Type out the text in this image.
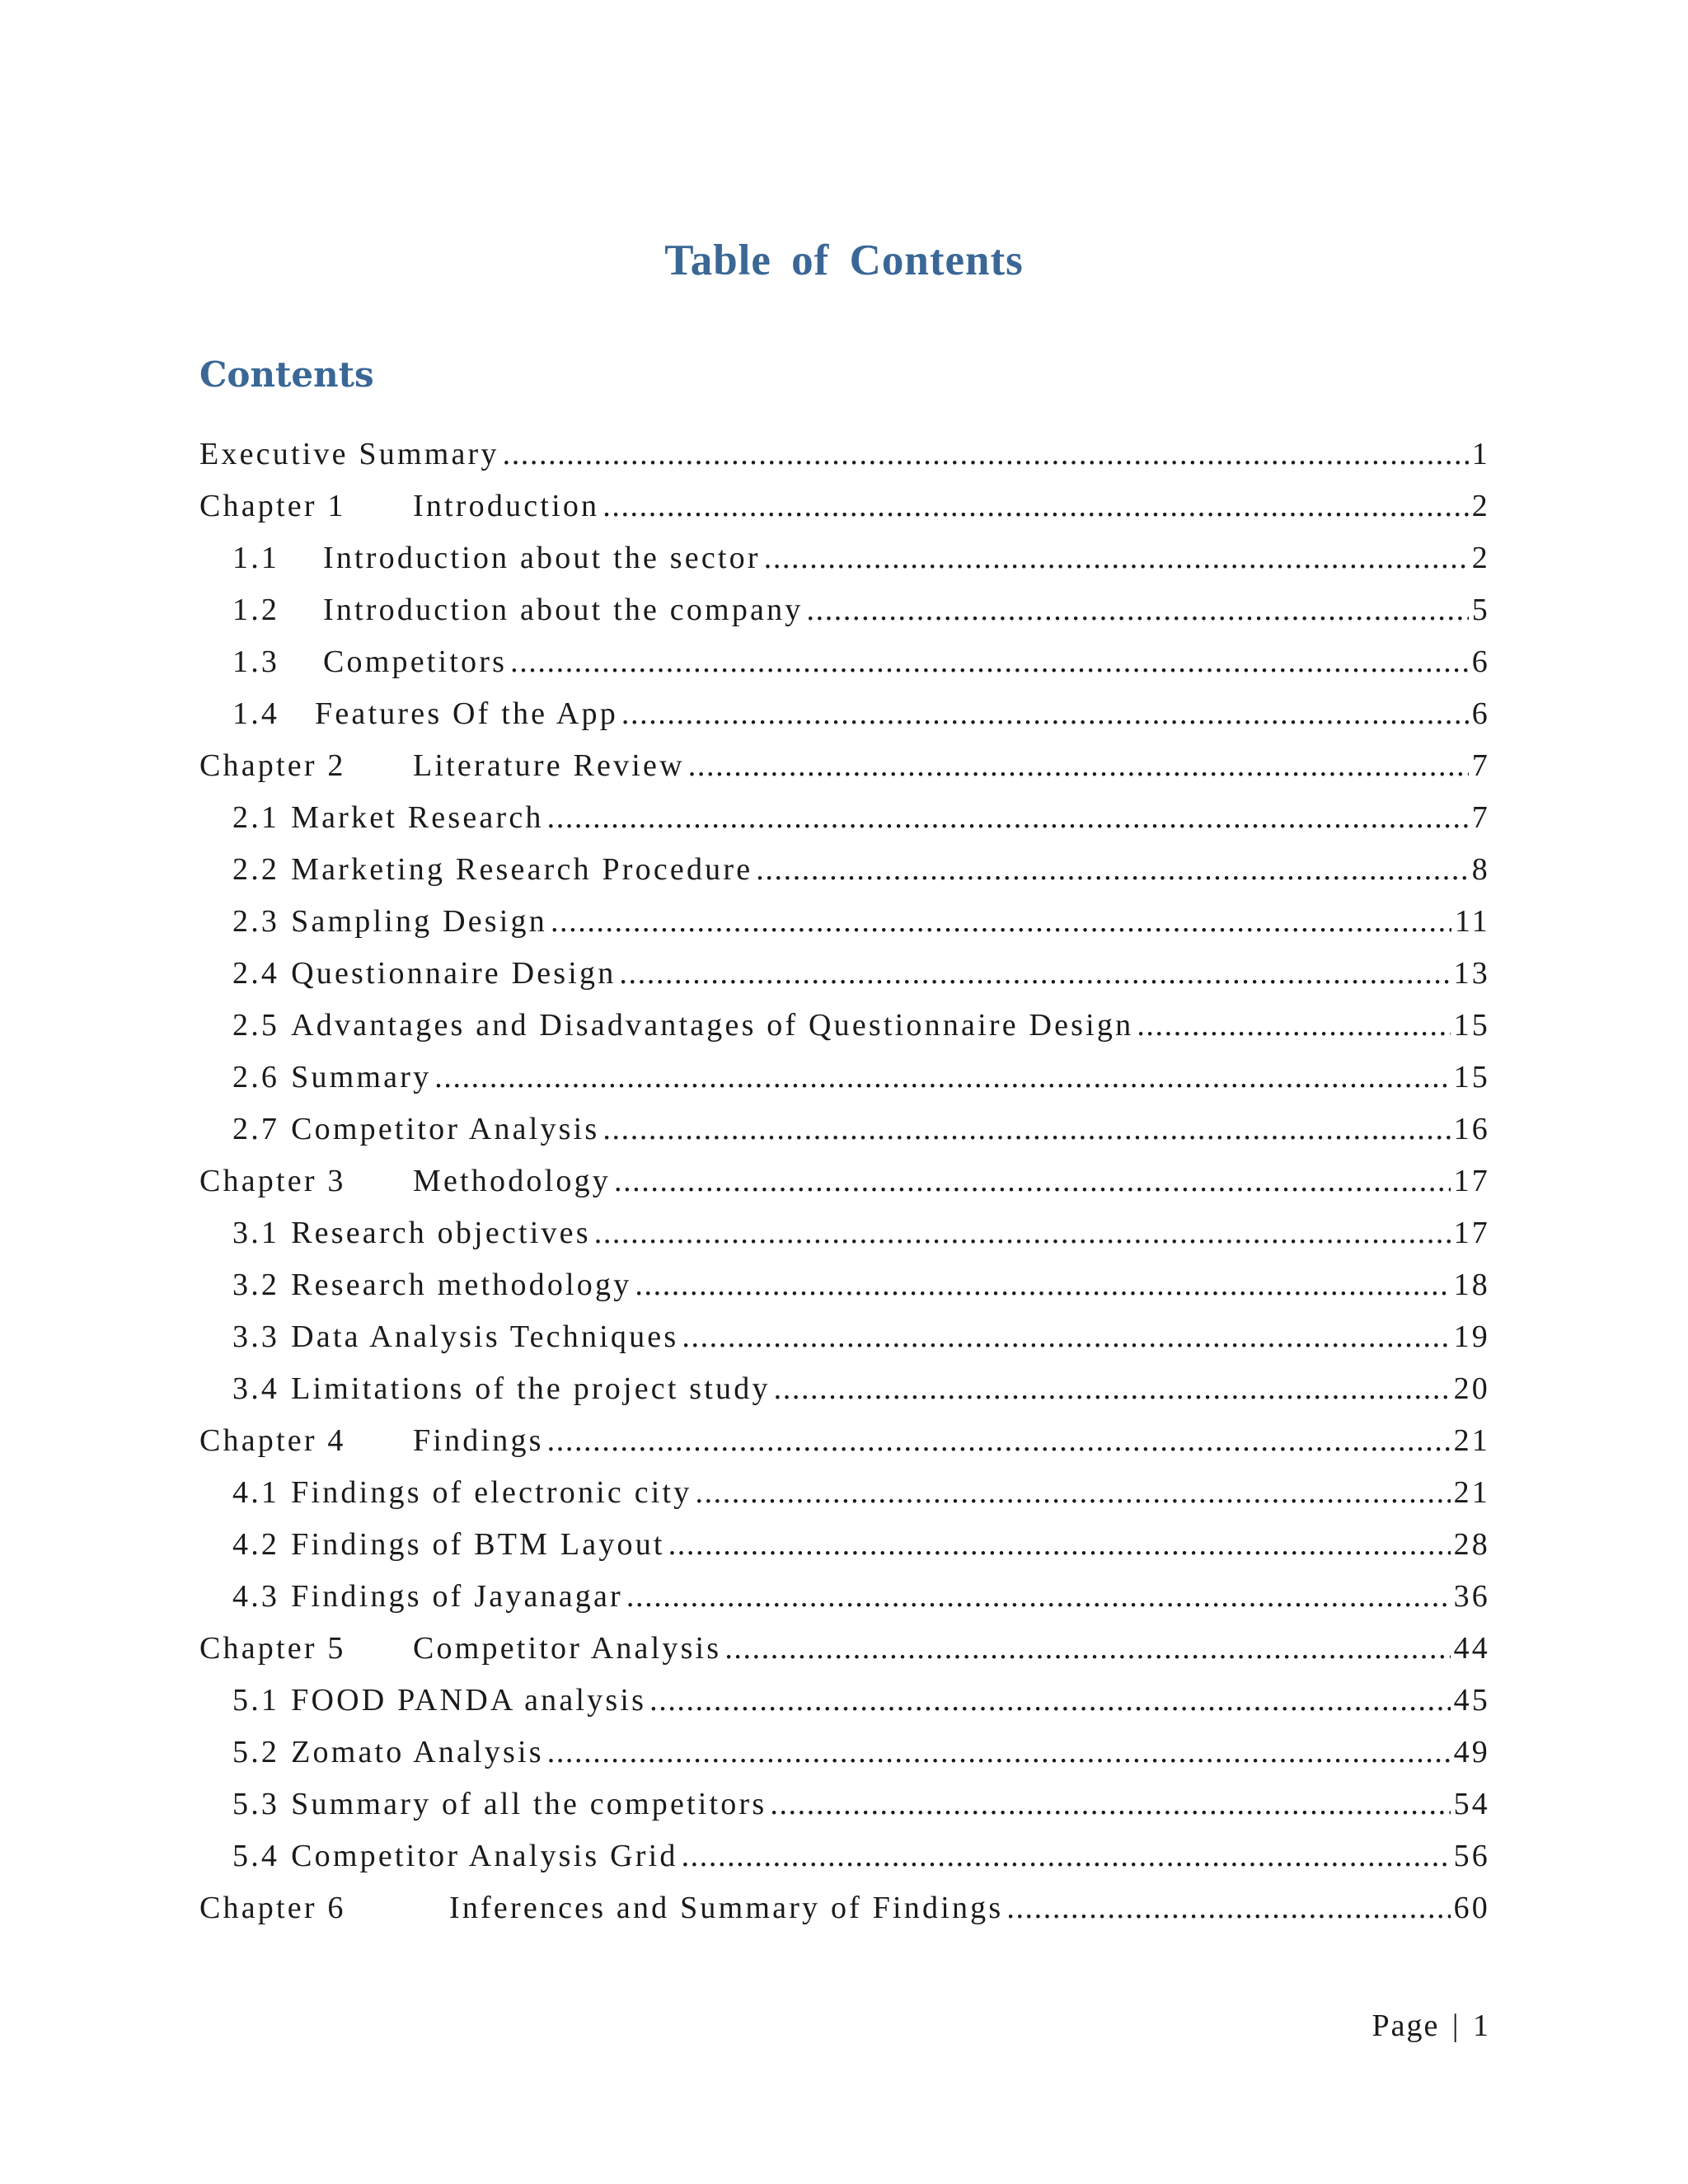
Table of Contents
Contents
Executive Summary .....	1
Chapter 1	Introduction .....	2
1.1	Introduction about the sector .....	2
1.2	Introduction about the company .....	5
1.3	Competitors .....	6
1.4	Features Of the App .....	6
Chapter 2	Literature Review .....	7
2.1 Market Research .....	7
2.2 Marketing Research Procedure .....	8
2.3 Sampling Design .....	11
2.4 Questionnaire Design .....	13
2.5 Advantages and Disadvantages of Questionnaire Design .....	15
2.6 Summary .....	15
2.7 Competitor Analysis .....	16
Chapter 3	Methodology .....	17
3.1 Research objectives .....	17
3.2 Research methodology .....	18
3.3 Data Analysis Techniques .....	19
3.4 Limitations of the project study .....	20
Chapter 4	Findings .....	21
4.1 Findings of electronic city .....	21
4.2 Findings of BTM Layout .....	28
4.3 Findings of Jayanagar .....	36
Chapter 5	Competitor Analysis .....	44
5.1 FOOD PANDA analysis .....	45
5.2 Zomato Analysis .....	49
5.3 Summary of all the competitors .....	54
5.4 Competitor Analysis Grid .....	56
Chapter 6	Inferences and Summary of Findings .....	60

Page | 1
